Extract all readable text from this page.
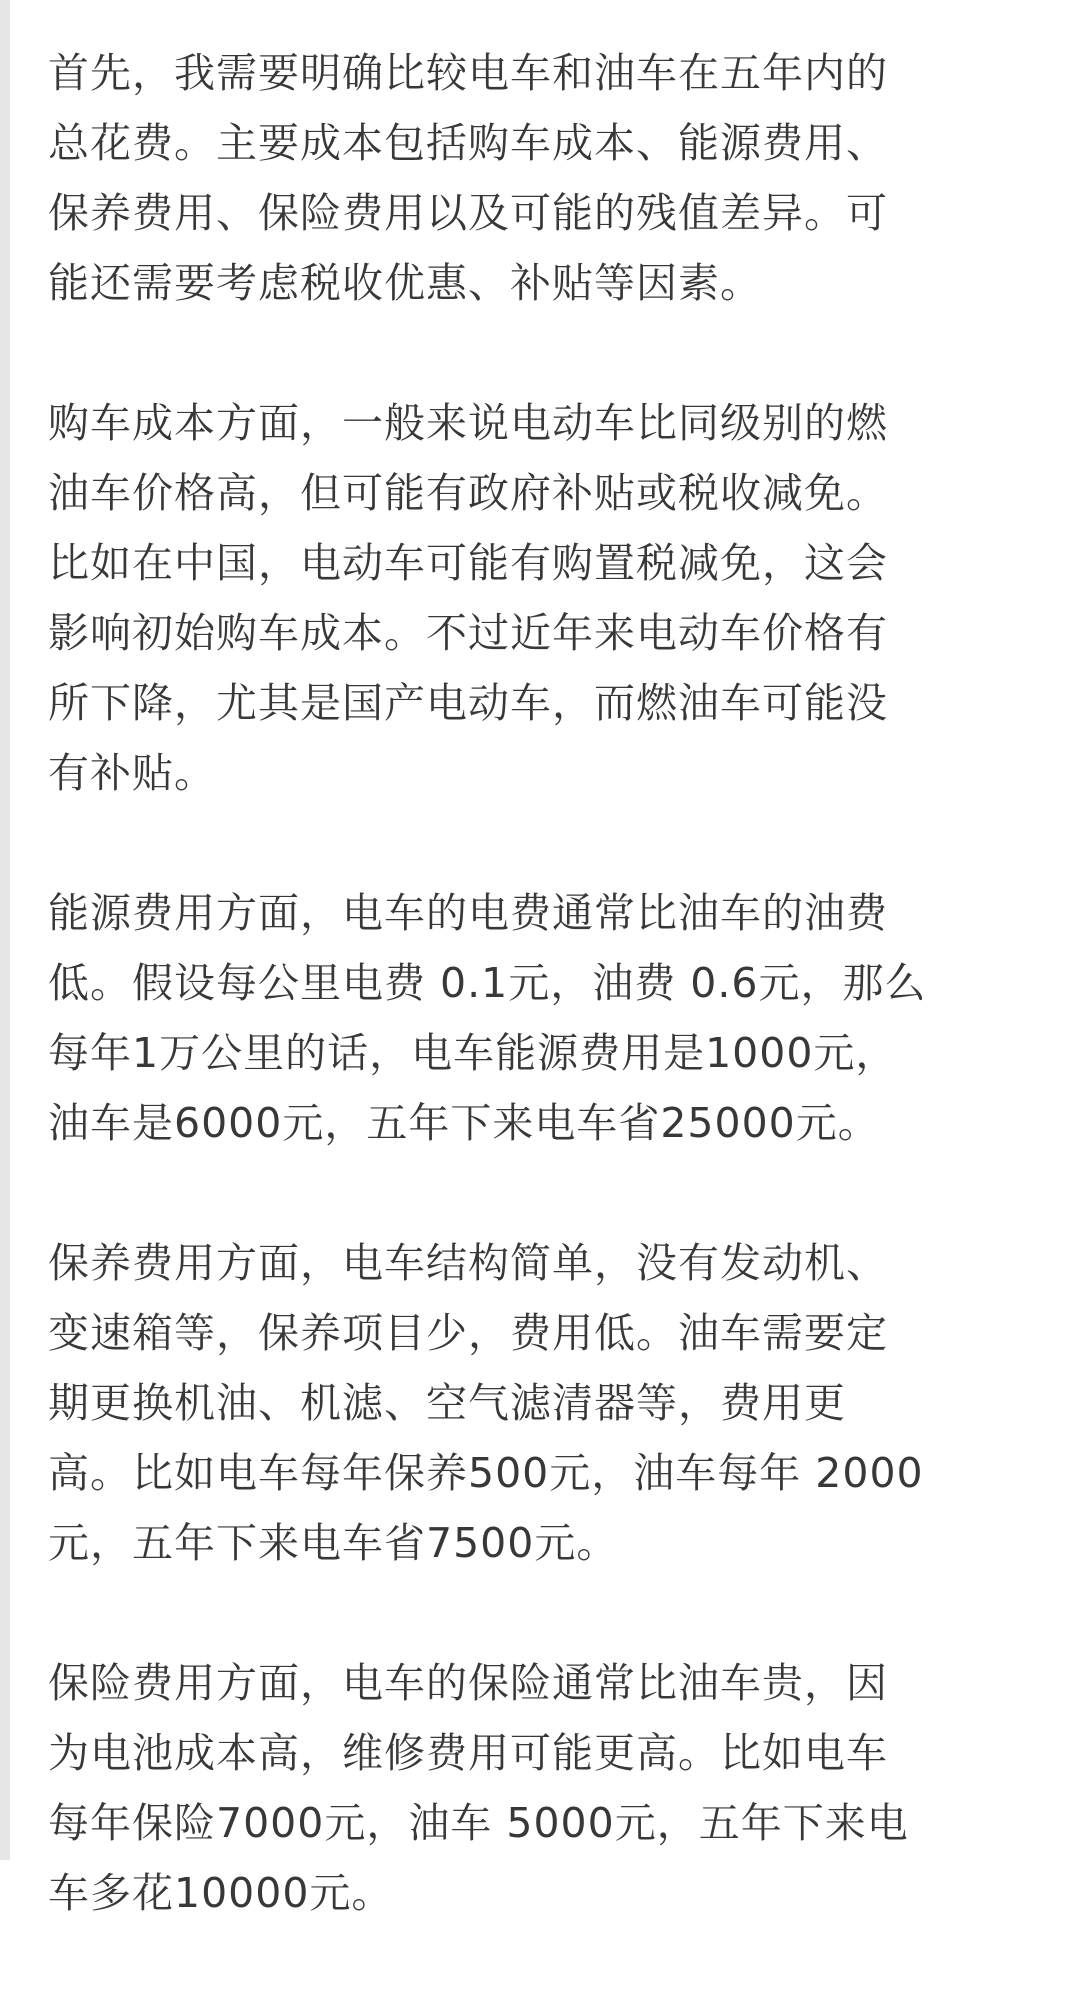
首先，我需要明确比较电车和油车在五年内的
总花费。主要成本包括购车成本、能源费用、
保养费用、保险费用以及可能的残值差异。可
能还需要考虑税收优惠、补贴等因素。
购车成本方面，一般来说电动车比同级别的燃
油车价格高，但可能有政府补贴或税收减免。
比如在中国，电动车可能有购置税减免，这会
影响初始购车成本。不过近年来电动车价格有
所下降，尤其是国产电动车，而燃油车可能没
有补贴。
能源费用方面，电车的电费通常比油车的油费
低。假设每公里电费 0.1元，油费 0.6元，那么
每年1万公里的话，电车能源费用是1000元，
油车是6000元，五年下来电车省25000元。
保养费用方面，电车结构简单，没有发动机、
变速箱等，保养项目少，费用低。油车需要定
期更换机油、机滤、空气滤清器等，费用更
高。比如电车每年保养500元，油车每年 2000
元，五年下来电车省7500元。
保险费用方面，电车的保险通常比油车贵，因
为电池成本高，维修费用可能更高。比如电车
每年保险7000元，油车 5000元，五年下来电
车多花10000元。
